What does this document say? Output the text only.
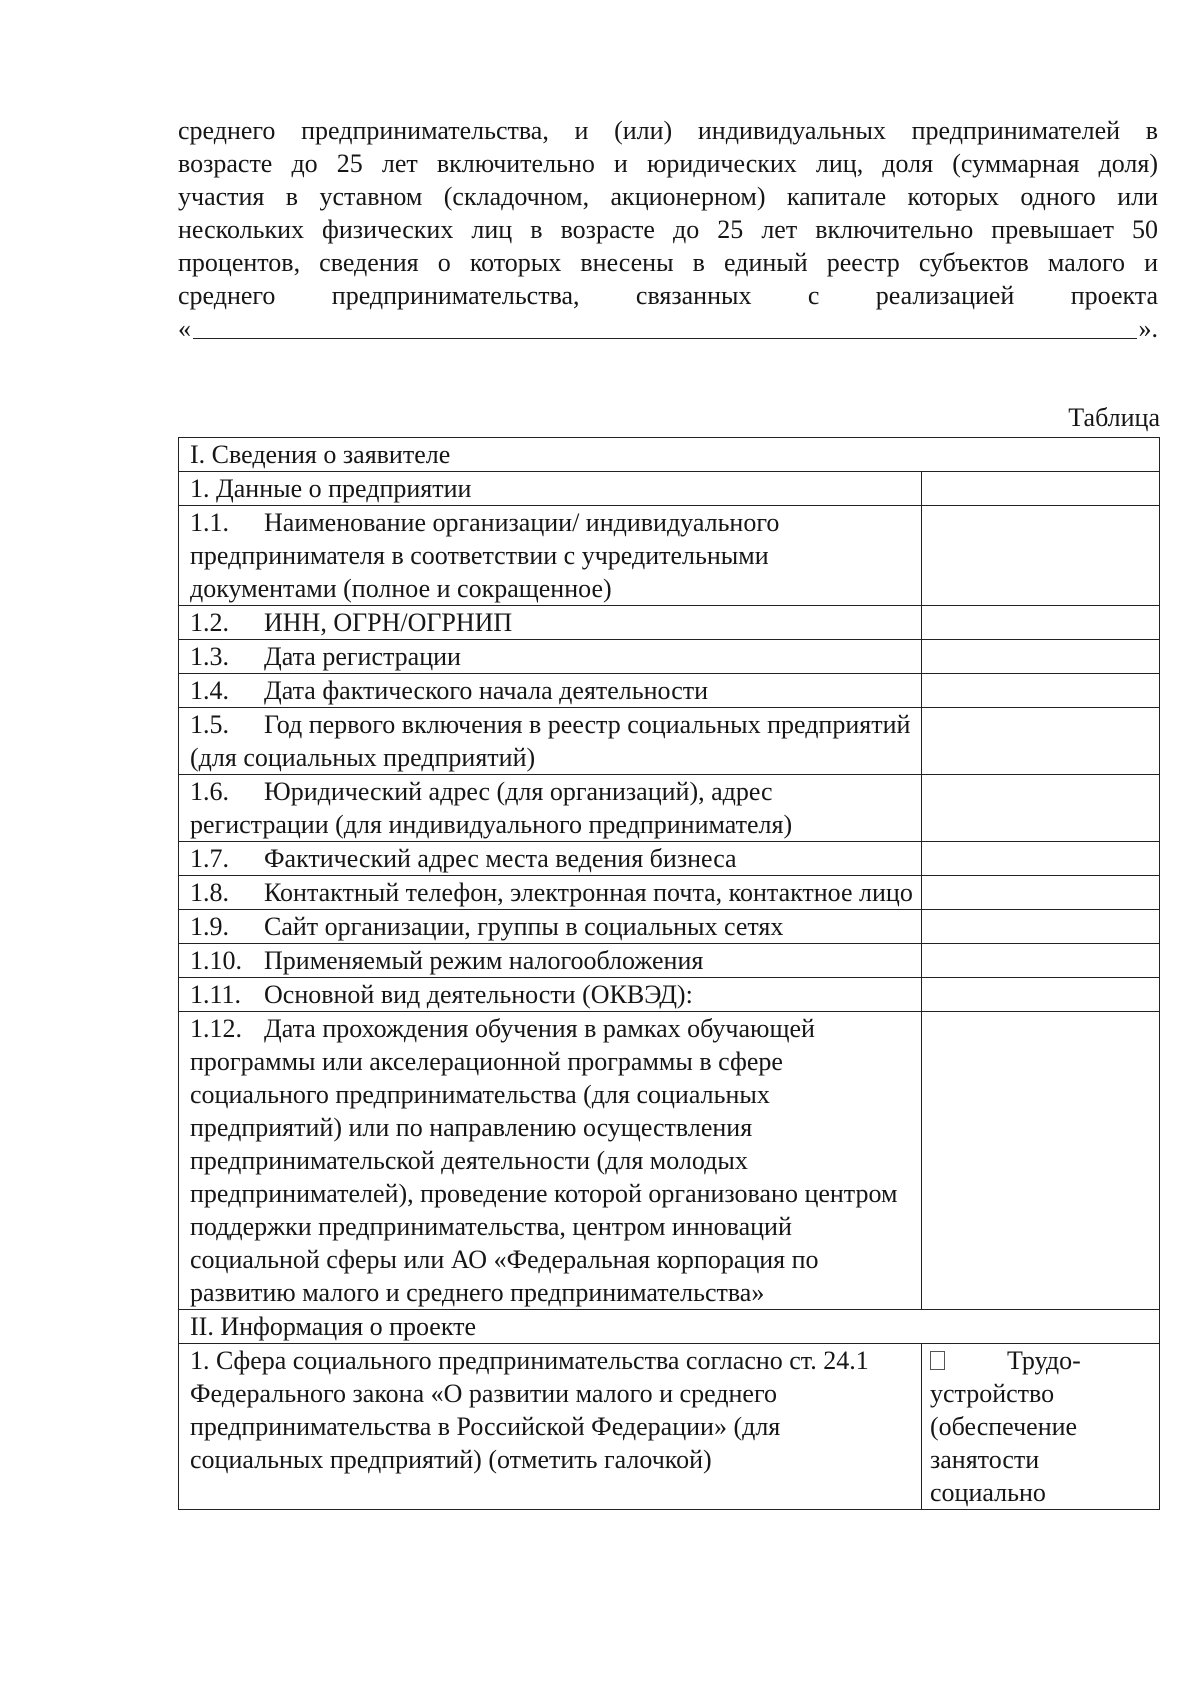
среднего предпринимательства, и (или) индивидуальных предпринимателей в
возрасте до 25 лет включительно и юридических лиц, доля (суммарная доля)
участия в уставном (складочном, акционерном) капитале которых одного или
нескольких физических лиц в возрасте до 25 лет включительно превышает 50
процентов, сведения о которых внесены в единый реестр субъектов малого и
среднего предпринимательства, связанных с реализацией проекта
«	».
Таблица
I. Сведения о заявителе	
1. Данные о предприятии	
1.1. Наименование организации/ индивидуального предпринимателя в соответствии с учредительными документами (полное и сокращенное)	
1.2. ИНН, ОГРН/ОГРНИП	
1.3. Дата регистрации	
1.4. Дата фактического начала деятельности	
1.5. Год первого включения в реестр социальных предприятий (для социальных предприятий)	
1.6. Юридический адрес (для организаций), адрес регистрации (для индивидуального предпринимателя)	
1.7. Фактический адрес места ведения бизнеса	
1.8. Контактный телефон, электронная почта, контактное лицо	
1.9. Сайт организации, группы в социальных сетях	
1.10. Применяемый режим налогообложения	
1.11. Основной вид деятельности (ОКВЭД):	
1.12. Дата прохождения обучения в рамках обучающей программы или акселерационной программы в сфере социального предпринимательства (для социальных предприятий) или по направлению осуществления предпринимательской деятельности (для молодых предпринимателей), проведение которой организовано центром поддержки предпринимательства, центром инноваций социальной сферы или АО «Федеральная корпорация по развитию малого и среднего предпринимательства»	
II. Информация о проекте	
1. Сфера социального предпринимательства согласно ст. 24.1 Федерального закона «О развитии малого и среднего предпринимательства в Российской Федерации» (для социальных предприятий) (отметить галочкой)	Трудо-устройство (обеспечение занятости социально
